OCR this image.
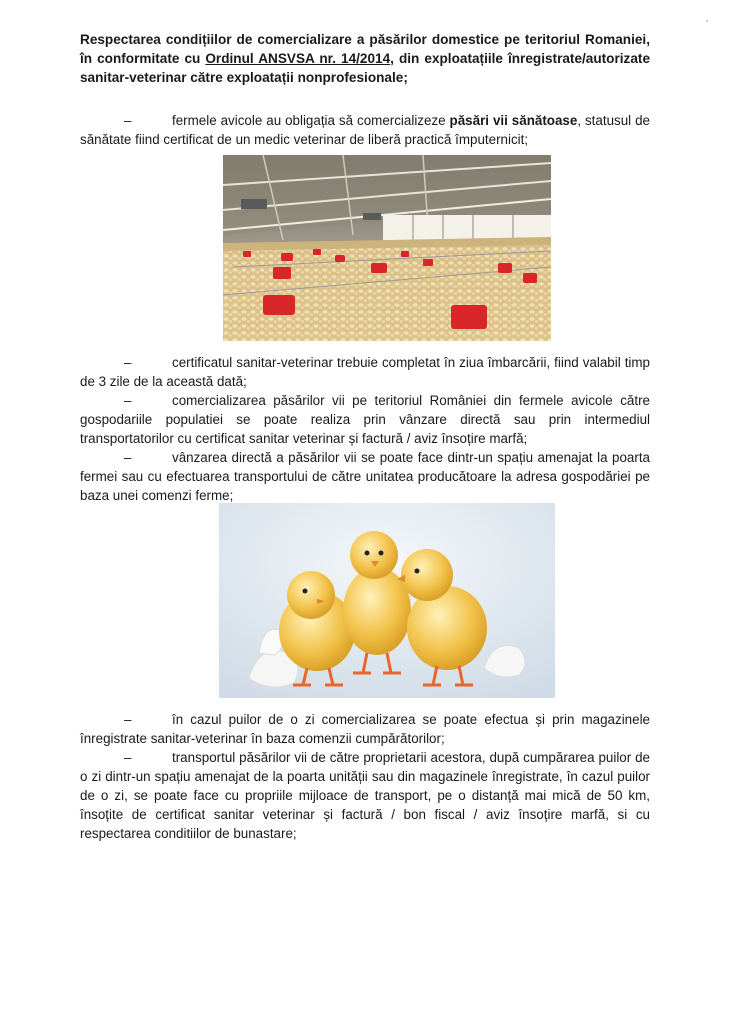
Respectarea condițiilor de comercializare a păsărilor domestice pe teritoriul Romaniei, în conformitate cu Ordinul ANSVSA nr. 14/2014, din exploatațiile înregistrate/autorizate sanitar-veterinar către exploatații nonprofesionale;

–	fermele avicole au obligația să comercializeze păsări vii sănătoase, statusul de sănătate fiind certificat de un medic veterinar de liberă practică împuternicit;

–	certificatul sanitar-veterinar trebuie completat în ziua îmbarcării, fiind valabil timp de 3 zile de la această dată;

–	comercializarea păsărilor vii pe teritoriul României din fermele avicole către gospodariile populatiei se poate realiza prin vânzare directă sau prin intermediul transportatorilor cu certificat sanitar veterinar și factură / aviz însoțire marfă;

–	vânzarea directă a păsărilor vii se poate face dintr-un spațiu amenajat la poarta fermei sau cu efectuarea transportului de către unitatea producătoare la adresa gospodăriei pe baza unei comenzi ferme;

–	în cazul puilor de o zi comercializarea se poate efectua și prin magazinele înregistrate sanitar-veterinar în baza comenzii cumpărătorilor;

–	transportul păsărilor vii de către proprietarii acestora, după cumpărarea puilor de o zi dintr-un spațiu amenajat de la poarta unității sau din magazinele înregistrate, în cazul puilor de o zi, se poate face cu propriile mijloace de transport, pe o distanță mai mică de 50 km, însoțite de certificat sanitar veterinar și factură / bon fiscal / aviz însoțire marfă, si cu respectarea conditiilor de bunastare;
